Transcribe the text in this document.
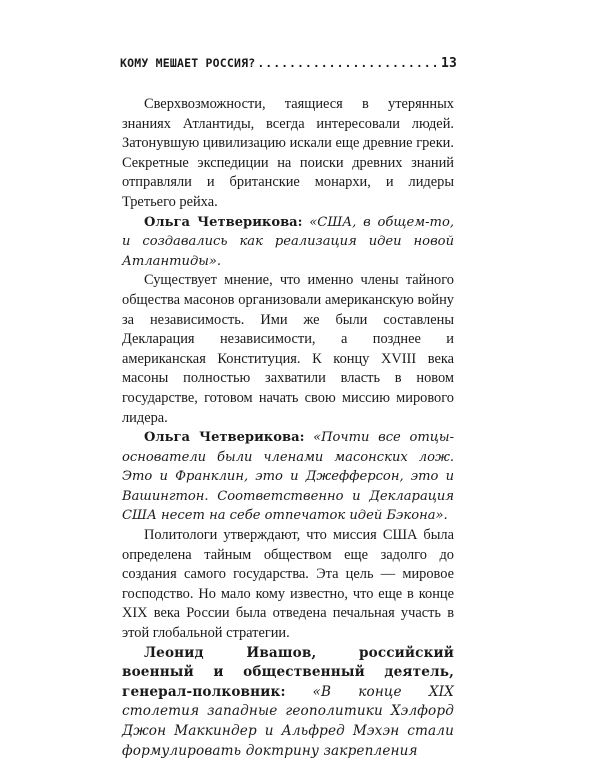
КОМУ МЕШАЕТ РОССИЯ?
.....	13

Сверхвозможности, таящиеся в утерянных знаниях Атлантиды, всегда интересовали людей. Затонувшую цивилизацию искали еще древние греки. Секретные экспедиции на поиски древних знаний отправляли и британские монархи, и лидеры Третьего рейха.

Ольга Четверикова: «США, в общем-то, и создавались как реализация идеи новой Атлантиды».

Существует мнение, что именно члены тайного общества масонов организовали американскую войну за независимость. Ими же были составлены Декларация независимости, а позднее и американская Конституция. К концу XVIII века масоны полностью захватили власть в новом государстве, готовом начать свою миссию мирового лидера.

Ольга Четверикова: «Почти все отцы-основатели были членами масонских лож. Это и Франклин, это и Джефферсон, это и Вашингтон. Соответственно и Декларация США несет на себе отпечаток идей Бэкона».

Политологи утверждают, что миссия США была определена тайным обществом еще задолго до создания самого государства. Эта цель — мировое господство. Но мало кому известно, что еще в конце XIX века России была отведена печальная участь в этой глобальной стратегии.

Леонид Ивашов, российский военный и общественный деятель, генерал-полковник: «В конце XIX столетия западные геополитики Хэлфорд Джон Маккиндер и Альфред Мэхэн стали формулировать доктрину закрепления
